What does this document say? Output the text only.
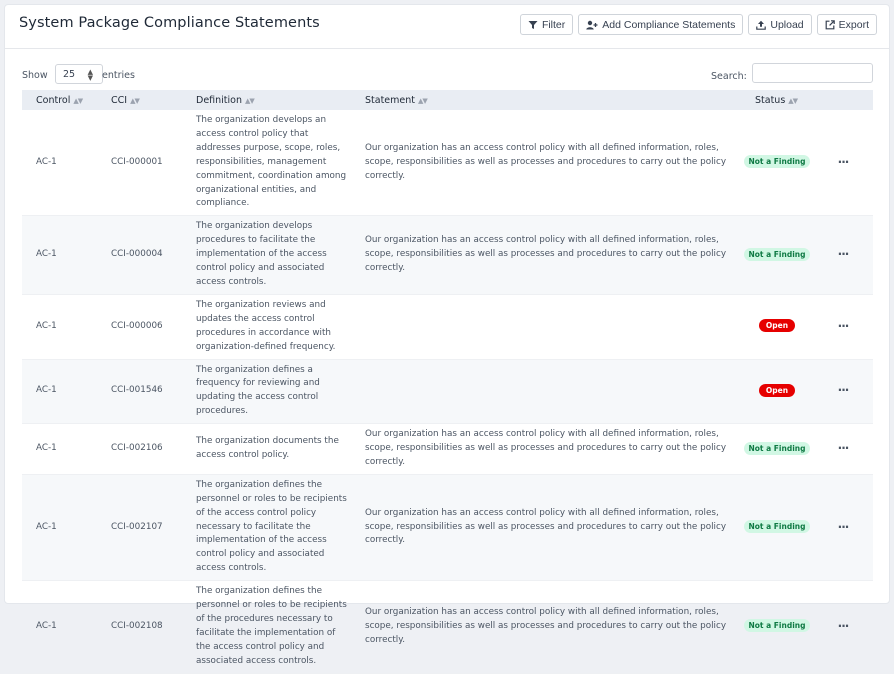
System Package Compliance Statements	Filter	Add Compliance Statements	Upload	Export
Show 25 ▲
▼ entries	Search:
Control ▲▼	CCI ▲▼	Definition ▲▼	Statement ▲▼	Status ▲▼	
AC-1	CCI-000001	The organization develops an access control policy that addresses purpose, scope, roles, responsibilities, management commitment, coordination among organizational entities, and compliance.	Our organization has an access control policy with all defined information, roles, scope, responsibilities as well as processes and procedures to carry out the policy correctly.	Not a Finding	···
AC-1	CCI-000004	The organization develops procedures to facilitate the implementation of the access control policy and associated access controls.	Our organization has an access control policy with all defined information, roles, scope, responsibilities as well as processes and procedures to carry out the policy correctly.	Not a Finding	···
AC-1	CCI-000006	The organization reviews and updates the access control procedures in accordance with organization-defined frequency.		Open	···
AC-1	CCI-001546	The organization defines a frequency for reviewing and updating the access control procedures.		Open	···
AC-1	CCI-002106	The organization documents the access control policy.	Our organization has an access control policy with all defined information, roles, scope, responsibilities as well as processes and procedures to carry out the policy correctly.	Not a Finding	···
AC-1	CCI-002107	The organization defines the personnel or roles to be recipients of the access control policy necessary to facilitate the implementation of the access control policy and associated access controls.	Our organization has an access control policy with all defined information, roles, scope, responsibilities as well as processes and procedures to carry out the policy correctly.	Not a Finding	···
AC-1	CCI-002108	The organization defines the personnel or roles to be recipients of the procedures necessary to facilitate the implementation of the access control policy and associated access controls.	Our organization has an access control policy with all defined information, roles, scope, responsibilities as well as processes and procedures to carry out the policy correctly.	Not a Finding	···
